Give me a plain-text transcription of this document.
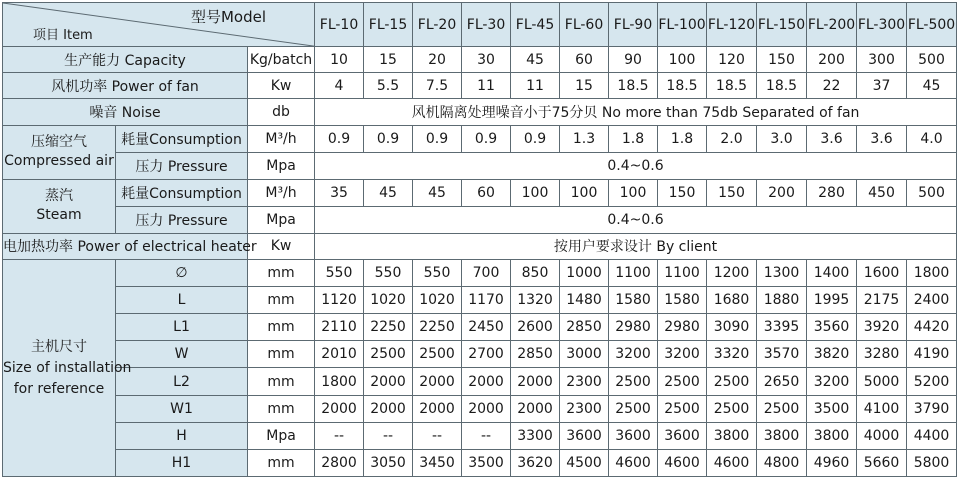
型号Model
项目 Item			FL-10	FL-15	FL-20	FL-30	FL-45	FL-60	FL-90	FL-100	FL-120	FL-150	FL-200	FL-300	FL-500
生产能力 Capacity		Kg/batch	10	15	20	30	45	60	90	100	120	150	200	300	500
风机功率 Power of fan		Kw	4	5.5	7.5	11	11	15	18.5	18.5	18.5	18.5	22	37	45
噪音 Noise		db	风机隔离处理噪音小于75分贝 No more than 75db Separated of fan												
压缩空气
Compressed air	耗量Consumption	M³/h	0.9	0.9	0.9	0.9	0.9	1.3	1.8	1.8	2.0	3.0	3.6	3.6	4.0
	压力 Pressure	Mpa	0.4~0.6												
蒸汽
Steam	耗量Consumption	M³/h	35	45	45	60	100	100	100	150	150	200	280	450	500
	压力 Pressure	Mpa	0.4~0.6												
电加热功率 Power of electrical heater		Kw	按用户要求设计 By client												
主机尺寸
Size of installation
for reference	∅	mm	550	550	550	700	850	1000	1100	1100	1200	1300	1400	1600	1800
	L	mm	1120	1020	1020	1170	1320	1480	1580	1580	1680	1880	1995	2175	2400
	L1	mm	2110	2250	2250	2450	2600	2850	2980	2980	3090	3395	3560	3920	4420
	W	mm	2010	2500	2500	2700	2850	3000	3200	3200	3320	3570	3820	3280	4190
	L2	mm	1800	2000	2000	2000	2000	2300	2500	2500	2500	2650	3200	5000	5200
	W1	mm	2000	2000	2000	2000	2000	2300	2500	2500	2500	2500	3500	4100	3790
	H	Mpa	--	--	--	--	3300	3600	3600	3600	3800	3800	3800	4000	4400
	H1	mm	2800	3050	3450	3500	3620	4500	4600	4600	4600	4800	4960	5660	5800
